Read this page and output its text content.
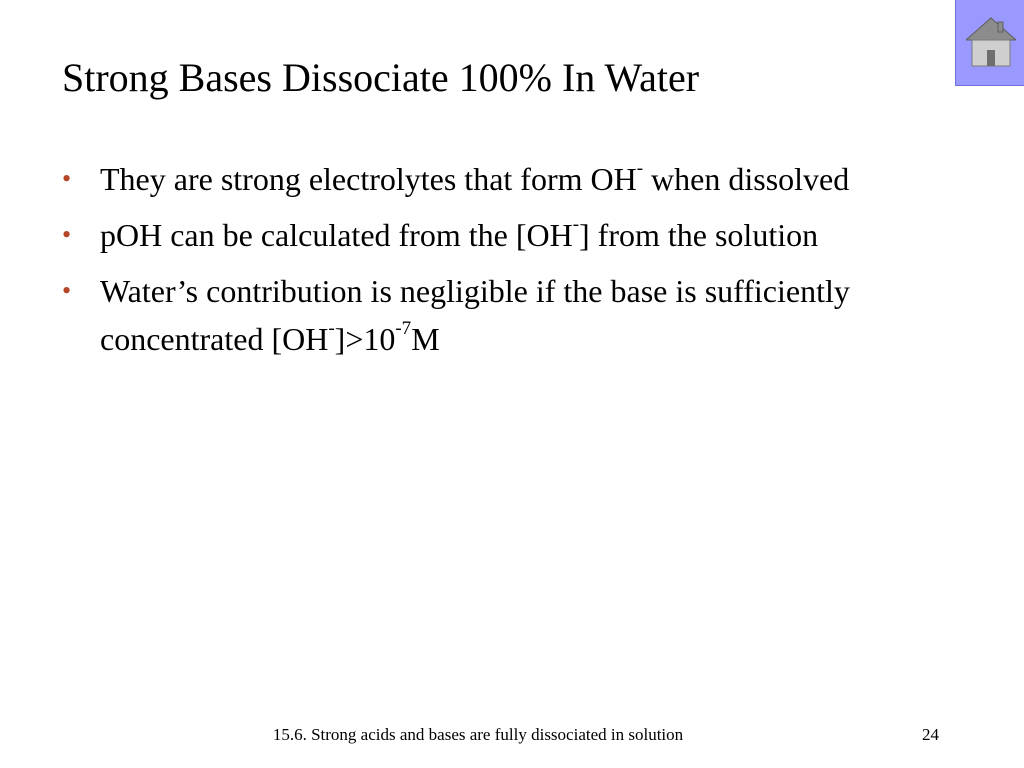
Strong Bases Dissociate 100% In Water
• They are strong electrolytes that form OH- when dissolved
• pOH can be calculated from the [OH-] from the solution
• Water’s contribution is negligible if the base is sufficiently concentrated $[OH^-]>10^{-7}M$
15.6. Strong acids and bases are fully dissociated in solution	24
